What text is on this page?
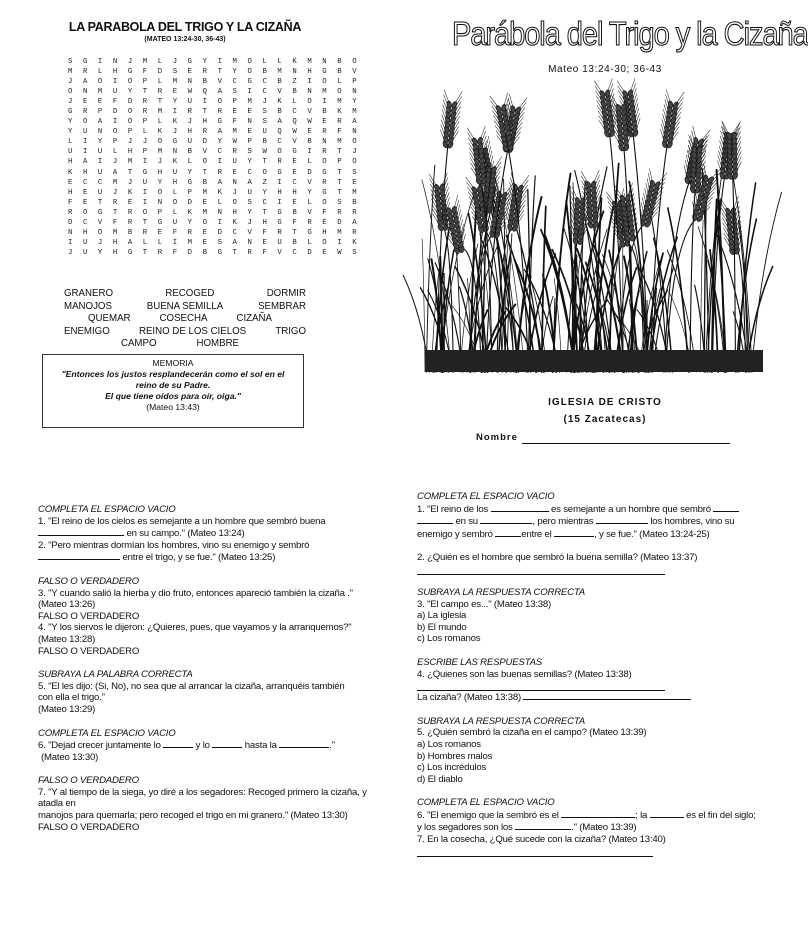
LA PARABOLA DEL TRIGO Y LA CIZAÑA
(MATEO 13:24-30, 36-43)
S G I N J M L J G Y I M O L L K M N B O
M R L H G F D S E R T Y O B M N H G B V
J A O I O P L M N B V C G C B Z I O L P
O N M U Y T R E W Q A S I C V B N M O N
J E E F D R T Y U I O P M J K L O I M Y
G R P D O R M I R T R E E S B C V B K M
Y O A I O P L K J H G F N S A Q W E R A
Y U N O P L K J H R A M E U Q W E R F N
L I Y P J J O G U D Y W P B C V B N M O
U I U L H P M N B V C R S W O G I R T J
H A I J M I J K L O I U Y T R E L O P O
K H U A T G H U Y T R E C O G E D G T S
E C C M J U Y H G B A N A Z I C V R T E
H E U J K I O L P M K J U Y H H Y G T M
F E T R E I N O D E L O S C I E L O S B
R O G T R O P L K M N H Y T G B V F R R
D C V F R T G U Y O I K J H G F R E D A
N H O M B R E F R E D C V F R T G H M R
I U J H A L L I M E S A N E U B L O I K
J U Y H G T R F D B G T R F V C D E W S
GRANERO	RECOGED	DORMIR
MANOJOS	BUENA SEMILLA	SEMBRAR
QUEMAR	COSECHA	CIZAÑA
ENEMIGO	REINO DE LOS CIELOS	TRIGO
CAMPO	HOMBRE
MEMORIA
"Entonces los justos resplandecerán como el sol en el
reino de su Padre.
El que tiene oídos para oír, oiga."
(Mateo 13:43)
Parábola del Trigo y la Cizaña
Mateo 13:24-30; 36-43
IGLESIA DE CRISTO
(15 Zacatecas)
Nombre
COMPLETA EL ESPACIO VACIO
1. "El reino de los cielos es semejante a un hombre que sembró buena
en su campo." (Mateo 13:24)
2. "Pero mientras dormían los hombres, vino su enemigo y sembró
entre el trigo, y se fue." (Mateo 13:25)
FALSO O VERDADERO
3. "Y cuando salió la hierba y dio fruto, entonces apareció también la cizaña ."
(Mateo 13:26)
FALSO O VERDADERO
4. "Y los siervos le dijeron: ¿Quieres, pues, que vayamos y la arranquemos?"
(Mateo 13:28)
FALSO O VERDADERO
SUBRAYA LA PALABRA CORRECTA
5. "El les dijo: (Si, No), no sea que al arrancar la cizaña, arranquéis también
con ella el trigo."
(Mateo 13:29)
COMPLETA EL ESPACIO VACIO
6. "Dejad crecer juntamente lo	y lo	hasta la	."
(Mateo 13:30)
FALSO O VERDADERO
7. "Y al tiempo de la siega, yo diré a los segadores: Recoged primero la cizaña, y
atadla en
manojos para quemarla; pero recoged el trigo en mi granero." (Mateo 13:30)
FALSO O VERDADERO
COMPLETA EL ESPACIO VACIO
1. "El reino de los	es semejante a un hombre que sembró
en su	, pero mientras	los hombres, vino su
enemigo y sembró	entre el	, y se fue." (Mateo 13:24-25)
2. ¿Quién es el hombre que sembró la buena semilla? (Mateo 13:37)
SUBRAYA LA RESPUESTA CORRECTA
3. "El campo es..." (Mateo 13:38)
a) La iglesia
b) El mundo
c) Los romanos
ESCRIBE LAS RESPUESTAS
4. ¿Quienes son las buenas semillas? (Mateo 13:38)
La cizaña? (Mateo 13:38)
SUBRAYA LA RESPUESTA CORRECTA
5. ¿Quién sembró la cizaña en el campo? (Mateo 13:39)
a) Los romanos
b) Hombres malos
c) Los incrédulos
d) El diablo
COMPLETA EL ESPACIO VACIO
6. "El enemigo que la sembró es el	; la	es el fin del siglo;
y los segadores son los	." (Mateo 13:39)
7. En la cosecha, ¿Qué sucede con la cizaña? (Mateo 13:40)
